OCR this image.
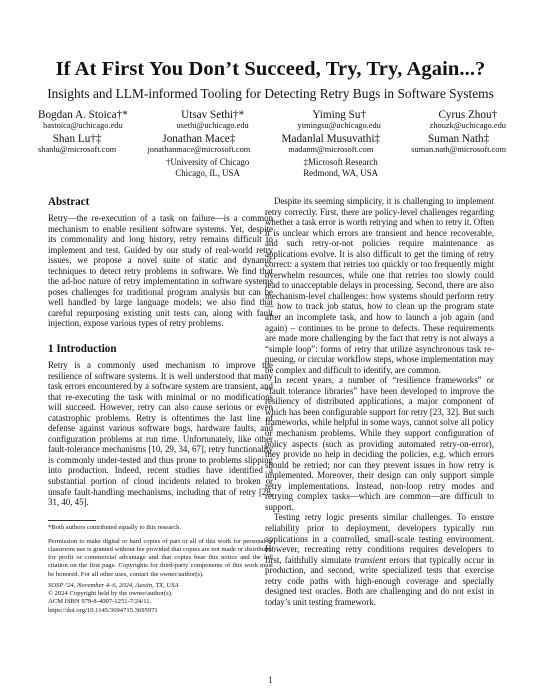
If At First You Don’t Succeed, Try, Try, Again...?
Insights and LLM-informed Tooling for Detecting Retry Bugs in Software Systems
Bogdan A. Stoica†*
bastoica@uchicago.edu
Utsav Sethi†*
usethi@uchicago.edu
Yiming Su†
yimingsu@uchicago.edu
Cyrus Zhou†
zhouzk@uchicago.edu
Shan Lu†‡
shanlu@microsoft.com
Jonathan Mace‡
jonathanmace@microsoft.com
Madanlal Musuvathi‡
madanm@microsoft.com
Suman Nath‡
suman.nath@microsoft.com
†University of Chicago
Chicago, IL, USA
‡Microsoft Research
Redmond, WA, USA
Abstract

Retry—the re-execution of a task on failure—is a common mechanism to enable resilient software systems. Yet, despite its commonality and long history, retry remains difficult to implement and test. Guided by our study of real-world retry issues, we propose a novel suite of static and dynamic techniques to detect retry problems in software. We find that the ad-hoc nature of retry implementation in software systems poses challenges for traditional program analysis but can be well handled by large language models; we also find that careful repurposing existing unit tests can, along with fault injection, expose various types of retry problems.

1 Introduction

Retry is a commonly used mechanism to improve the resilience of software systems. It is well understood that many task errors encountered by a software system are transient, and that re-executing the task with minimal or no modifications will succeed. However, retry can also cause serious or even catastrophic problems. Retry is oftentimes the last line of defense against various software bugs, hardware faults, and configuration problems at run time. Unfortunately, like other fault-tolerance mechanisms [10, 29, 34, 67], retry functionality is commonly under-tested and thus prone to problems slipping into production. Indeed, recent studies have identified a substantial portion of cloud incidents related to broken or unsafe fault-handling mechanisms, including that of retry [28, 31, 40, 45].

*Both authors contributed equally to this research.

Permission to make digital or hard copies of part or all of this work for personal or classroom use is granted without fee provided that copies are not made or distributed for profit or commercial advantage and that copies bear this notice and the full citation on the first page. Copyrights for third-party components of this work must be honored. For all other uses, contact the owner/author(s).

SOSP ’24, November 4–6, 2024, Austin, TX, USA

© 2024 Copyright held by the owner/author(s).

ACM ISBN 979-8-4007-1251-7/24/11.

https://doi.org/10.1145/3694715.3695971

Despite its seeming simplicity, it is challenging to implement retry correctly. First, there are policy-level challenges regarding whether a task error is worth retrying and when to retry it. Often it is unclear which errors are transient and hence recoverable, and such retry-or-not policies require maintenance as applications evolve. It is also difficult to get the timing of retry correct: a system that retries too quickly or too frequently might overwhelm resources, while one that retries too slowly could lead to unacceptable delays in processing. Second, there are also mechanism-level challenges: how systems should perform retry — how to track job status, how to clean up the program state after an incomplete task, and how to launch a job again (and again) – continues to be prone to defects. These requirements are made more challenging by the fact that retry is not always a “simple loop”: forms of retry that utilize asynchronous task re-queuing, or circular workflow steps, whose implementation may be complex and difficult to identify, are common.

In recent years, a number of “resilience frameworks” or “fault tolerance libraries” have been developed to improve the resiliency of distributed applications, a major component of which has been configurable support for retry [23, 32]. But such frameworks, while helpful in some ways, cannot solve all policy or mechanism problems. While they support configuration of policy aspects (such as providing automated retry-on-error), they provide no help in deciding the policies, e.g. which errors should be retried; nor can they prevent issues in how retry is implemented. Moreover, their design can only support simple retry implementations. Instead, non-loop retry modes and retrying complex tasks—which are common—are difficult to support.

Testing retry logic presents similar challenges. To ensure reliability prior to deployment, developers typically run applications in a controlled, small-scale testing environment. However, recreating retry conditions requires developers to first, faithfully simulate transient errors that typically occur in production, and second, write specialized tests that exercise retry code paths with high-enough coverage and specially designed test oracles. Both are challenging and do not exist in today’s unit testing framework.

1
